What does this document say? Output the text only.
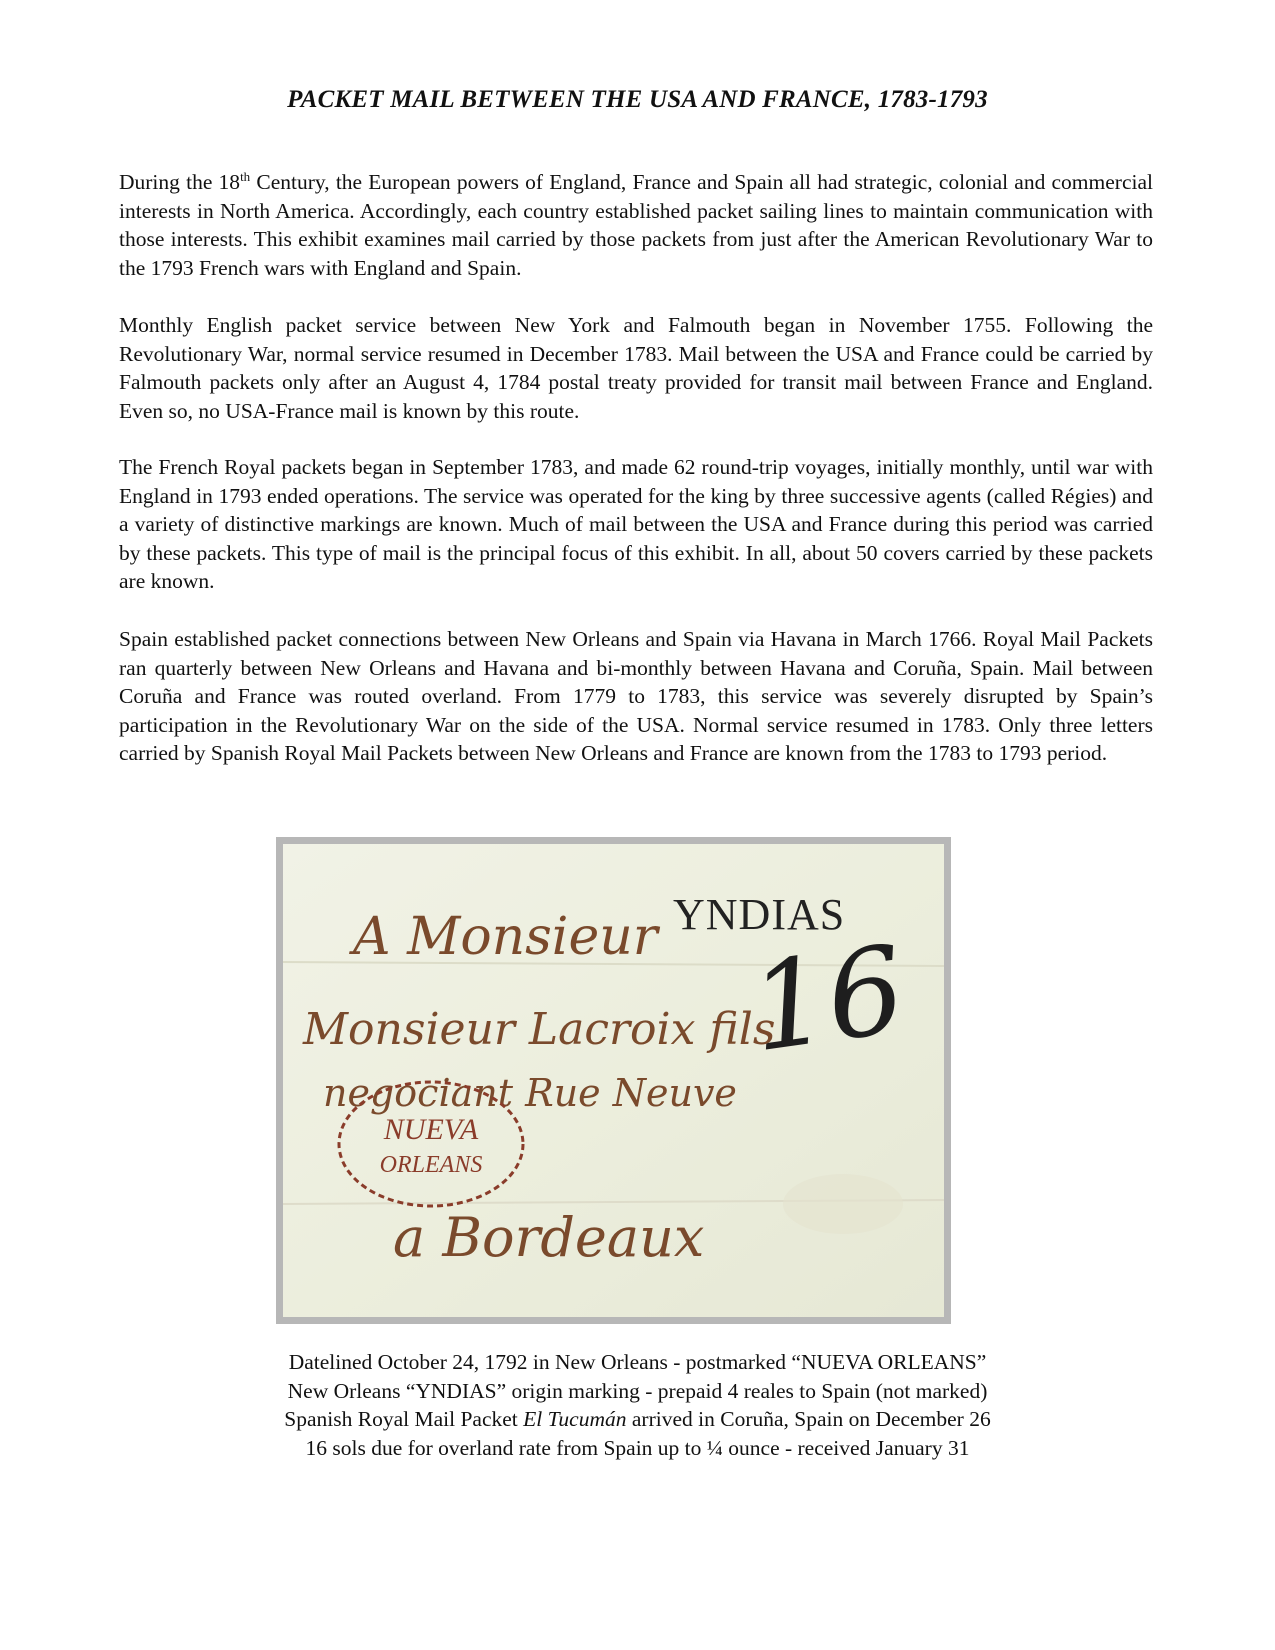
PACKET MAIL BETWEEN THE USA AND FRANCE, 1783-1793

During the 18th Century, the European powers of England, France and Spain all had strategic, colonial and commercial interests in North America. Accordingly, each country established packet sailing lines to maintain communication with those interests. This exhibit examines mail carried by those packets from just after the American Revolutionary War to the 1793 French wars with England and Spain.

Monthly English packet service between New York and Falmouth began in November 1755. Following the Revolutionary War, normal service resumed in December 1783. Mail between the USA and France could be carried by Falmouth packets only after an August 4, 1784 postal treaty provided for transit mail between France and England. Even so, no USA-France mail is known by this route.

The French Royal packets began in September 1783, and made 62 round-trip voyages, initially monthly, until war with England in 1793 ended operations. The service was operated for the king by three successive agents (called Régies) and a variety of distinctive markings are known. Much of mail between the USA and France during this period was carried by these packets. This type of mail is the principal focus of this exhibit. In all, about 50 covers carried by these packets are known.

Spain established packet connections between New Orleans and Spain via Havana in March 1766. Royal Mail Packets ran quarterly between New Orleans and Havana and bi-monthly between Havana and Coruña, Spain. Mail between Coruña and France was routed overland. From 1779 to 1783, this service was severely disrupted by Spain’s participation in the Revolutionary War on the side of the USA. Normal service resumed in 1783. Only three letters carried by Spanish Royal Mail Packets between New Orleans and France are known from the 1783 to 1793 period.

YNDIAS
16
A Monsieur
Monsieur Lacroix fils
negociant Rue Neuve
a Bordeaux
NUEVA
ORLEANS
Datelined October 24, 1792 in New Orleans - postmarked “NUEVA ORLEANS”
New Orleans “YNDIAS” origin marking - prepaid 4 reales to Spain (not marked)
Spanish Royal Mail Packet El Tucumán arrived in Coruña, Spain on December 26
16 sols due for overland rate from Spain up to ¼ ounce - received January 31
